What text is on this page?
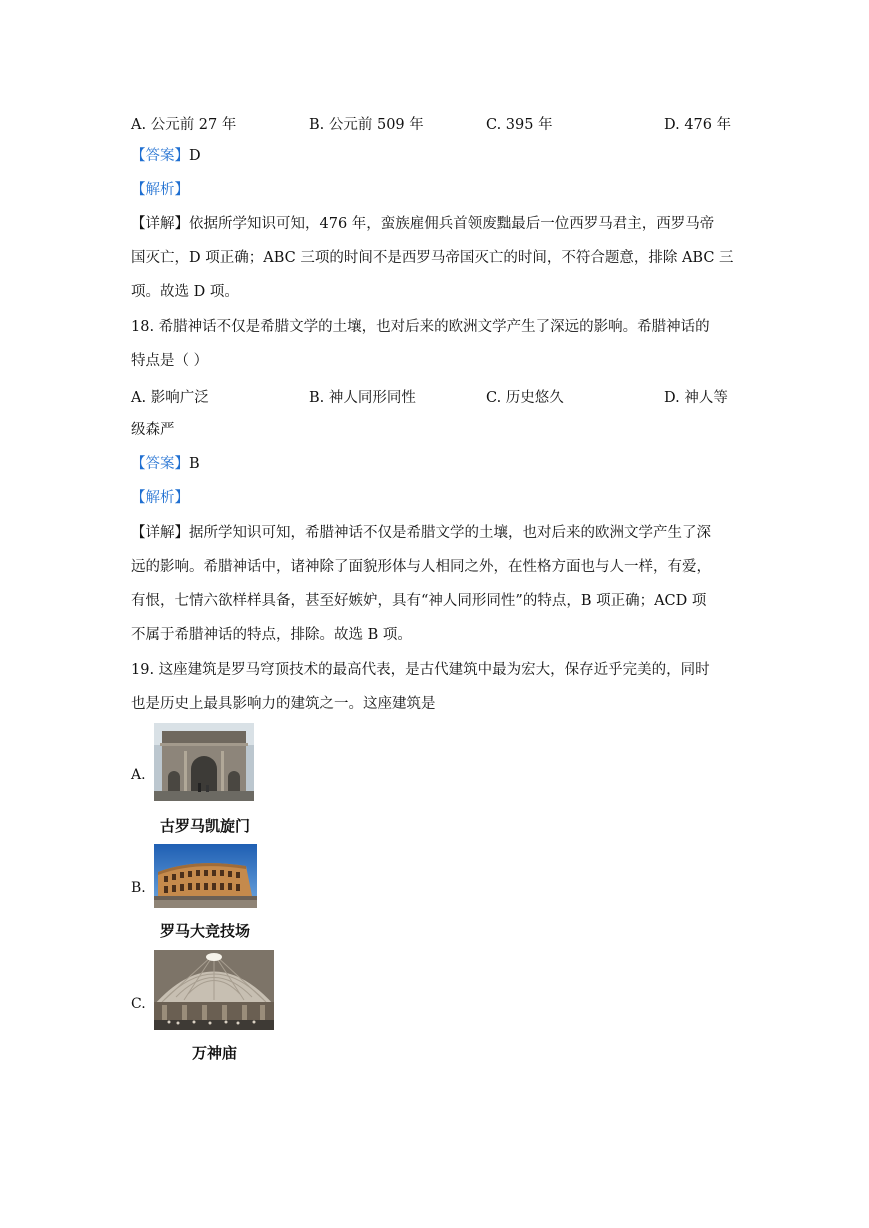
A. 公元前 27 年	B. 公元前 509 年	C. 395 年	D. 476 年
【答案】D
【解析】
【详解】依据所学知识可知，476 年，蛮族雇佣兵首领废黜最后一位西罗马君主，西罗马帝
国灭亡，D 项正确；ABC 三项的时间不是西罗马帝国灭亡的时间，不符合题意，排除 ABC 三
项。故选 D 项。
18. 希腊神话不仅是希腊文学的土壤，也对后来的欧洲文学产生了深远的影响。希腊神话的
特点是（ ）
A. 影响广泛	B. 神人同形同性	C. 历史悠久	D. 神人等
级森严
【答案】B
【解析】
【详解】据所学知识可知，希腊神话不仅是希腊文学的土壤，也对后来的欧洲文学产生了深
远的影响。希腊神话中，诸神除了面貌形体与人相同之外，在性格方面也与人一样，有爱，
有恨，七情六欲样样具备，甚至好嫉妒，具有“神人同形同性”的特点，B 项正确；ACD 项
不属于希腊神话的特点，排除。故选 B 项。
19. 这座建筑是罗马穹顶技术的最高代表，是古代建筑中最为宏大，保存近乎完美的，同时
也是历史上最具影响力的建筑之一。这座建筑是
A.
古罗马凯旋门
B.
罗马大竞技场
C.
万神庙
